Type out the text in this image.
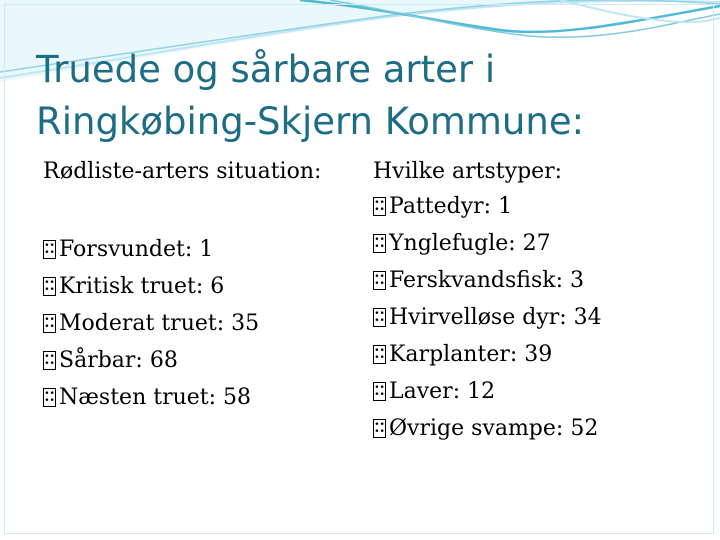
Truede og sårbare arter i Ringkøbing-Skjern Kommune:
Rødliste-arters situation:
•• ••
Forsvundet: 1
•• ••
Kritisk truet: 6
•• ••
Moderat truet: 35
•• ••
Sårbar: 68
•• ••
Næsten truet: 58
Hvilke artstyper:
•• ••
Pattedyr: 1
•• ••
Ynglefugle: 27
•• ••
Ferskvandsfisk: 3
•• ••
Hvirvelløse dyr: 34
•• ••
Karplanter: 39
•• ••
Laver: 12
•• ••
Øvrige svampe: 52
